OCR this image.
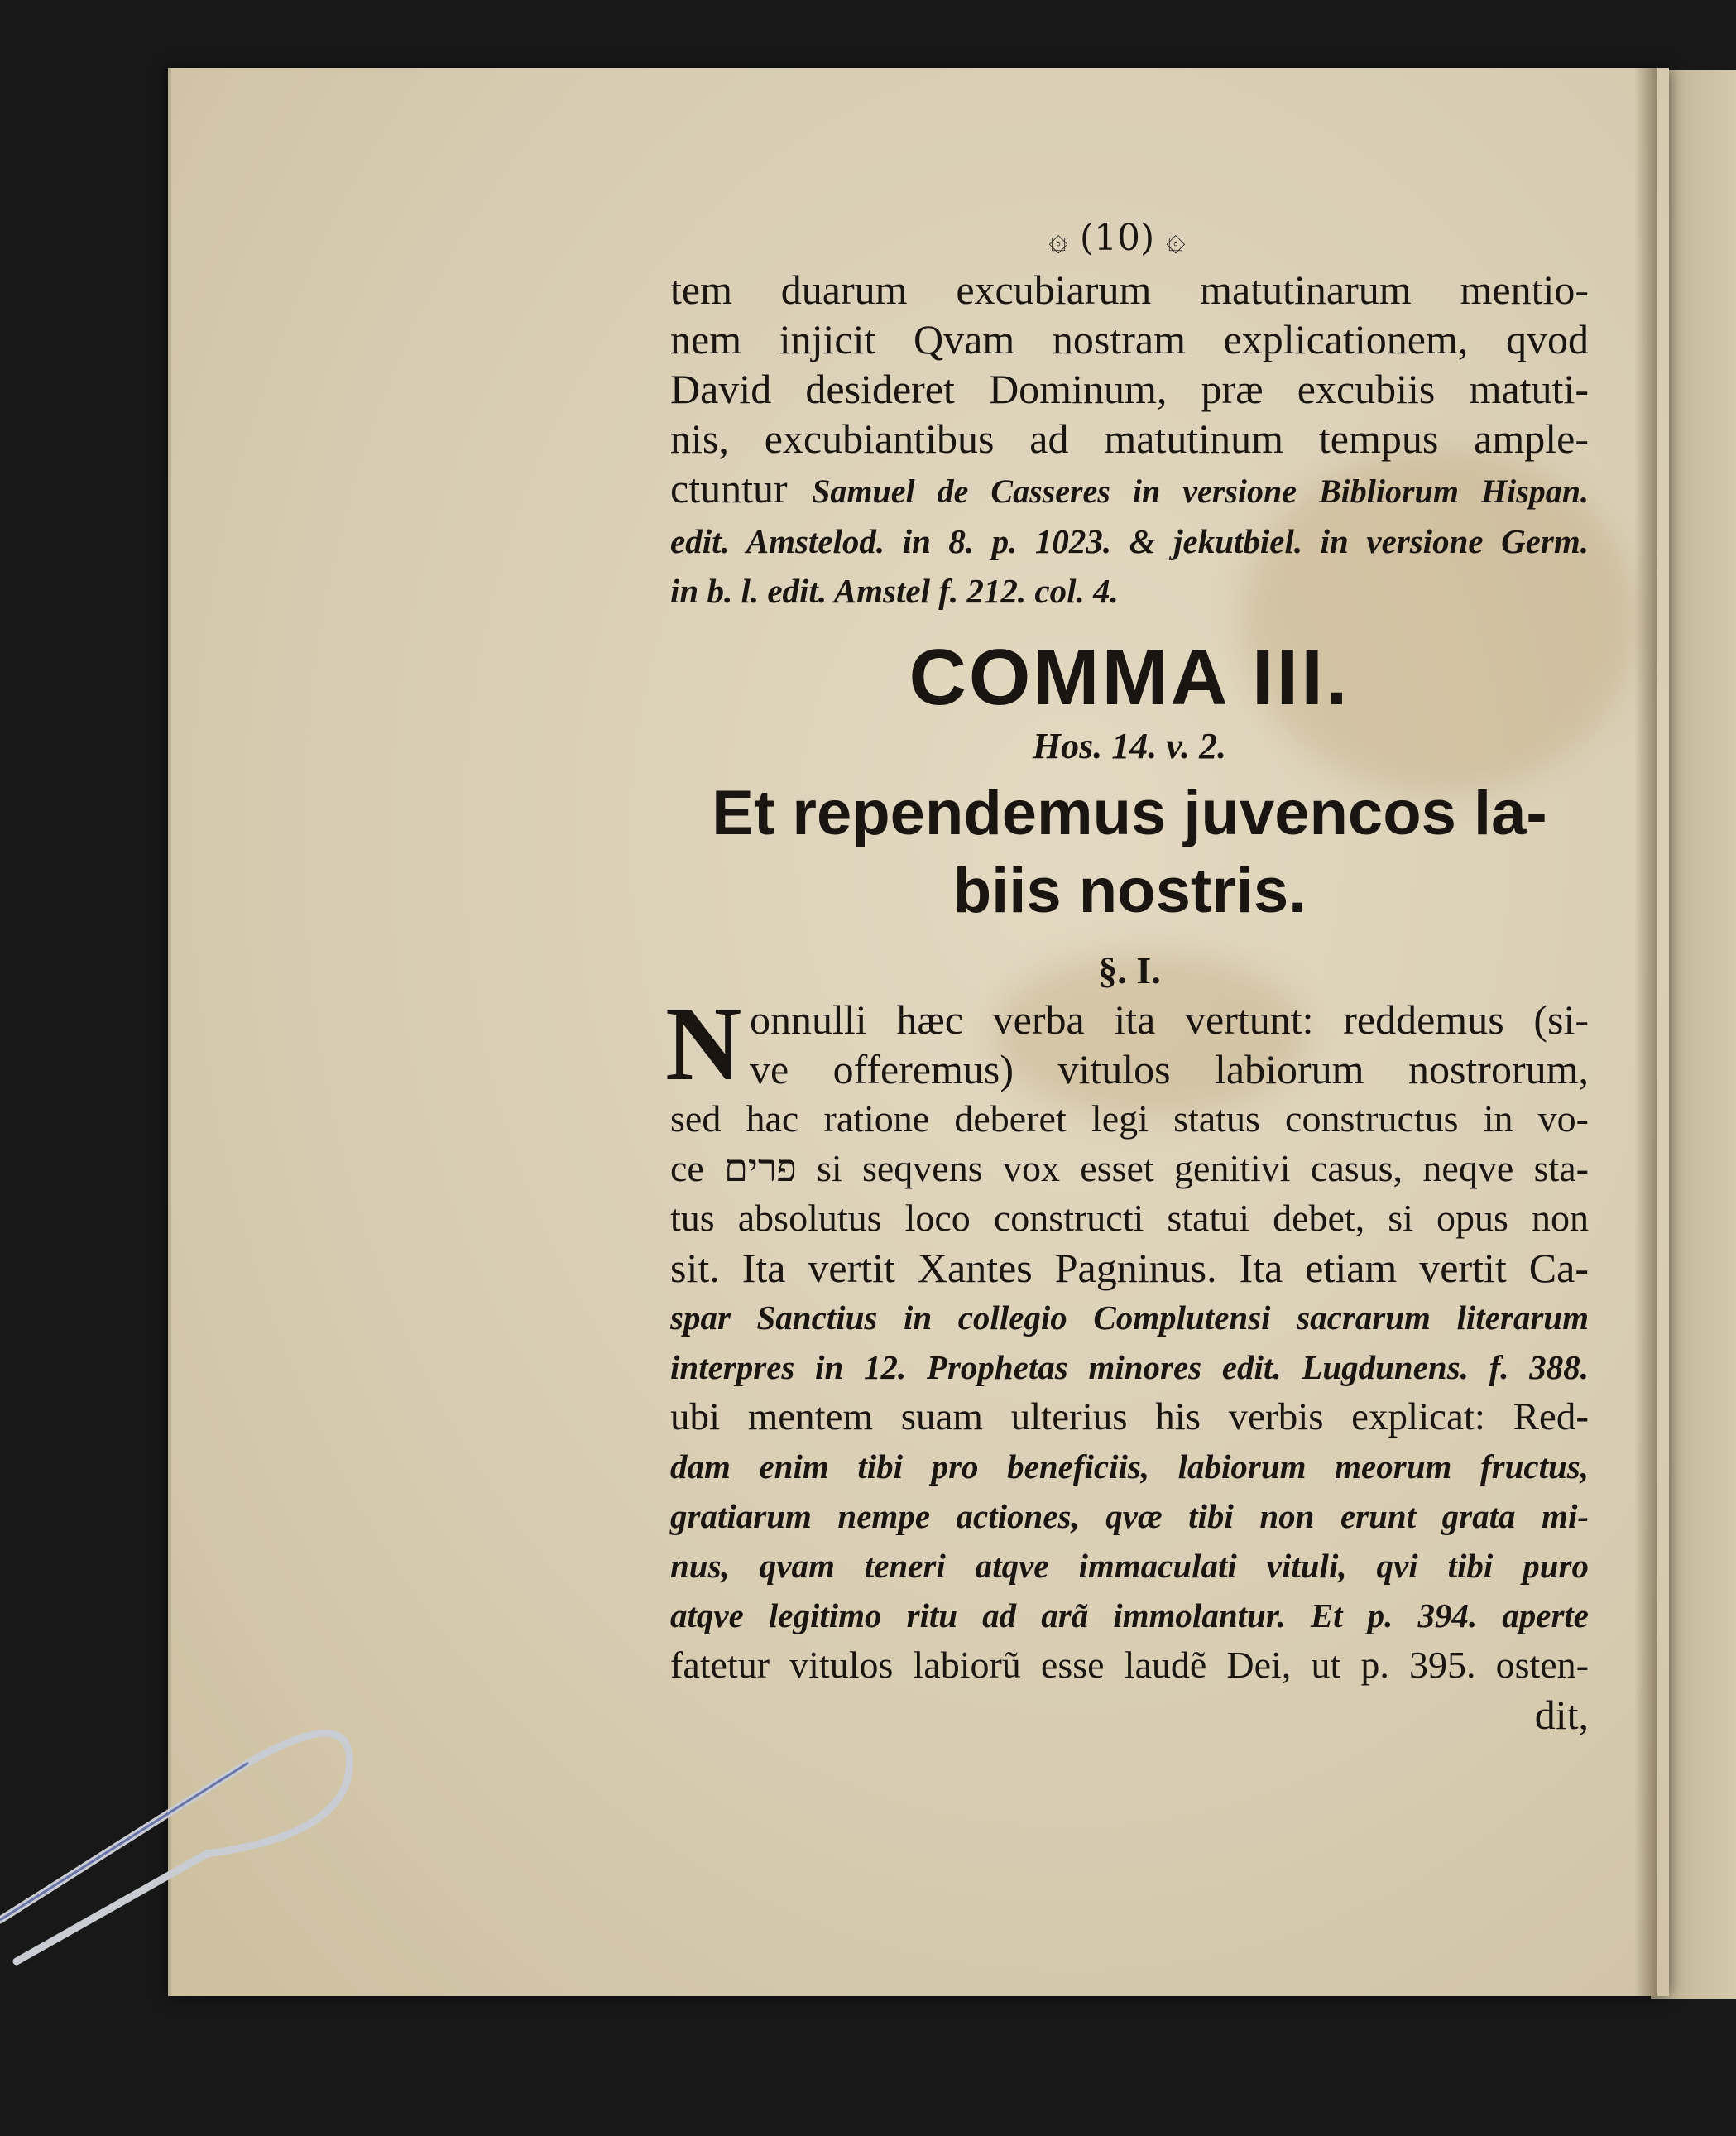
۞ (10) ۞
tem duarum excubiarum matutinarum mentio-
nem injicit Qvam nostram explicationem, qvod
David desideret Dominum, præ excubiis matuti-
nis, excubiantibus ad matutinum tempus ample-
ctuntur Samuel de Casseres in versione Bibliorum Hispan.
edit. Amstelod. in 8. p. 1023. & jekutbiel. in versione Germ.
in b. l. edit. Amstel f. 212. col. 4.
COMMA III.
Hos. 14. v. 2.
Et rependemus juvencos la-
biis nostris.
§. I.
N onnulli hæc verba ita vertunt: reddemus (si-
ve offeremus) vitulos labiorum nostrorum,
sed hac ratione deberet legi status constructus in vo-
ce פרים si seqvens vox esset genitivi casus, neqve sta-
tus absolutus loco constructi statui debet, si opus non
sit. Ita vertit Xantes Pagninus. Ita etiam vertit Ca-
spar Sanctius in collegio Complutensi sacrarum literarum
interpres in 12. Prophetas minores edit. Lugdunens. f. 388.
ubi mentem suam ulterius his verbis explicat: Red-
dam enim tibi pro beneficiis, labiorum meorum fructus,
gratiarum nempe actiones, qvæ tibi non erunt grata mi-
nus, qvam teneri atqve immaculati vituli, qvi tibi puro
atqve legitimo ritu ad arã immolantur. Et p. 394. aperte
fatetur vitulos labiorũ esse laudẽ Dei, ut p. 395. osten-
dit,
